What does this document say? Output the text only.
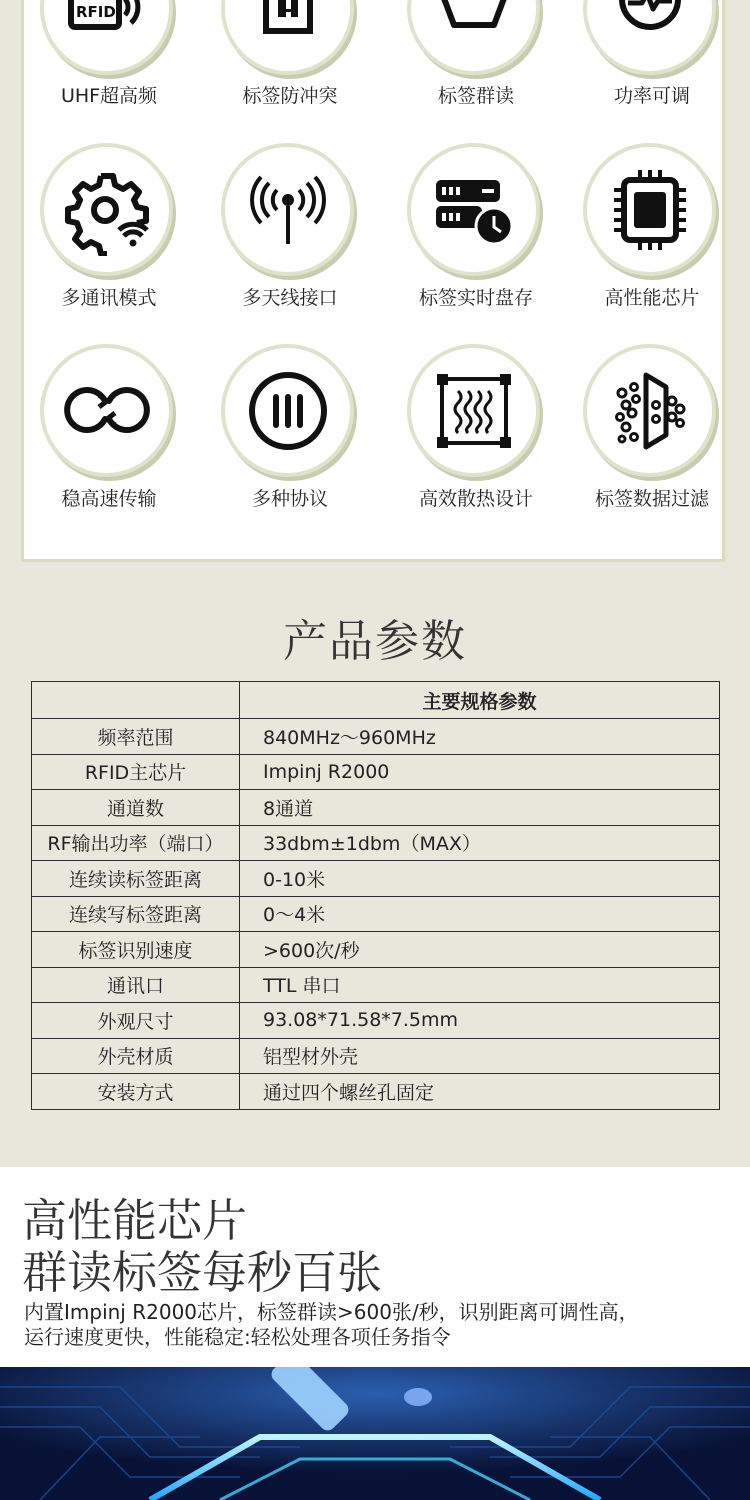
RFID
UHF超高频	标签防冲突	标签群读	功率可调
多通讯模式	多天线接口	标签实时盘存	高性能芯片
稳高速传输	多种协议	高效散热设计	标签数据过滤
产品参数
	主要规格参数
频率范围	840MHz～960MHz
RFID主芯片	Impinj R2000
通道数	8通道
RF输出功率（端口）	33dbm±1dbm（MAX）
连续读标签距离	0-10米
连续写标签距离	0～4米
标签识别速度	>600次/秒
通讯口	TTL 串口
外观尺寸	93.08*71.58*7.5mm
外壳材质	铝型材外壳
安装方式	通过四个螺丝孔固定
高性能芯片
群读标签每秒百张
内置Impinj R2000芯片，标签群读>600张/秒，识别距离可调性高，
运行速度更快，性能稳定:轻松处理各项任务指令
